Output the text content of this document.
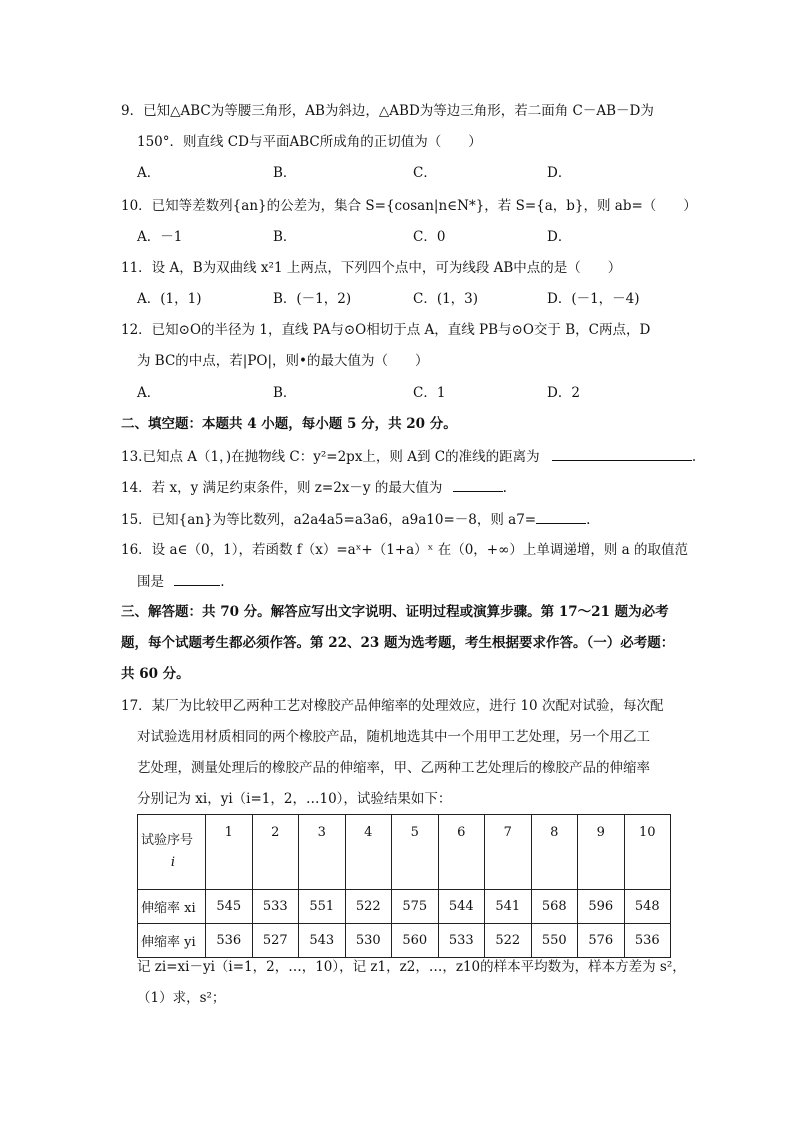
9．已知△ABC为等腰三角形，AB为斜边，△ABD为等边三角形，若二面角 C－AB－D为
150°．则直线 CD与平面ABC所成角的正切值为（　　）
A．	B．	C．	D．
10．已知等差数列{an}的公差为，集合 S={cosan|n∈N*}，若 S={a，b}，则 ab=（　　）
A．－1	B．	C．0	D．
11．设 A，B为双曲线 x²1 上两点，下列四个点中，可为线段 AB中点的是（　　）
A．(1，1)	B．(－1，2)	C．(1，3)	D．(－1，－4)
12．已知⊙O的半径为 1，直线 PA与⊙O相切于点 A，直线 PB与⊙O交于 B，C两点，D
为 BC的中点，若|PO|，则•的最大值为（　　）
A．	B．	C．1	D．2
二、填空题：本题共 4 小题，每小题 5 分，共 20 分。
13.已知点 A（1，)在抛物线 C：y²=2px上，则 A到 C的准线的距离为	.
14．若 x，y 满足约束条件，则 z=2x－y 的最大值为	.
15．已知{an}为等比数列，a2a4a5=a3a6，a9a10=－8，则 a7=	.
16．设 a∈（0，1），若函数 f（x）=aˣ+（1+a）ˣ 在（0，+∞）上单调递增，则 a 的取值范
围是	.
三、解答题：共 70 分。解答应写出文字说明、证明过程或演算步骤。第 17～21 题为必考
题，每个试题考生都必须作答。第 22、23 题为选考题，考生根据要求作答。（一）必考题：
共 60 分。
17．某厂为比较甲乙两种工艺对橡胶产品伸缩率的处理效应，进行 10 次配对试验，每次配
对试验选用材质相同的两个橡胶产品，随机地选其中一个用甲工艺处理，另一个用乙工
艺处理，测量处理后的橡胶产品的伸缩率，甲、乙两种工艺处理后的橡胶产品的伸缩率
分别记为 xi，yi（i=1，2，…10），试验结果如下：
试验序号
i	1	2	3	4	5	6	7	8	9	10
伸缩率 xi	545	533	551	522	575	544	541	568	596	548
伸缩率 yi	536	527	543	530	560	533	522	550	576	536
记 zi=xi－yi（i=1，2，…，10），记 z1，z2，…，z10的样本平均数为，样本方差为 s²，
（1）求，s²；
